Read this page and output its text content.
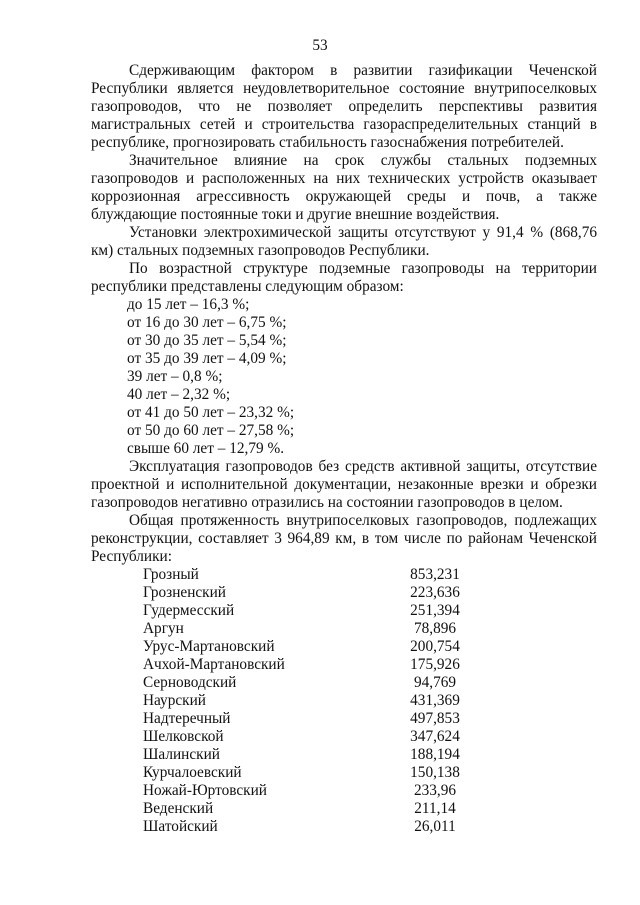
53

Сдерживающим фактором в развитии газификации Чеченской Республики является неудовлетворительное состояние внутрипоселковых газопроводов, что не позволяет определить перспективы развития магистральных сетей и строительства газораспределительных станций в республике, прогнозировать стабильность газоснабжения потребителей.

Значительное влияние на срок службы стальных подземных газопроводов и расположенных на них технических устройств оказывает коррозионная агрессивность окружающей среды и почв, а также блуждающие постоянные токи и другие внешние воздействия.

Установки электрохимической защиты отсутствуют у 91,4 % (868,76 км) стальных подземных газопроводов Республики.

По возрастной структуре подземные газопроводы на территории республики представлены следующим образом:

до 15 лет – 16,3 %;
от 16 до 30 лет – 6,75 %;
от 30 до 35 лет – 5,54 %;
от 35 до 39 лет – 4,09 %;
39 лет – 0,8 %;
40 лет – 2,32 %;
от 41 до 50 лет – 23,32 %;
от 50 до 60 лет – 27,58 %;
свыше 60 лет – 12,79 %.

Эксплуатация газопроводов без средств активной защиты, отсутствие проектной и исполнительной документации, незаконные врезки и обрезки газопроводов негативно отразились на состоянии газопроводов в целом.

Общая протяженность внутрипоселковых газопроводов, подлежащих реконструкции, составляет 3 964,89 км, в том числе по районам Чеченской Республики:

Грозный	853,231
Грозненский	223,636
Гудермесский	251,394
Аргун	78,896
Урус-Мартановский	200,754
Ачхой-Мартановский	175,926
Серноводский	94,769
Наурский	431,369
Надтеречный	497,853
Шелковской	347,624
Шалинский	188,194
Курчалоевский	150,138
Ножай-Юртовский	233,96
Веденский	211,14
Шатойский	26,011
